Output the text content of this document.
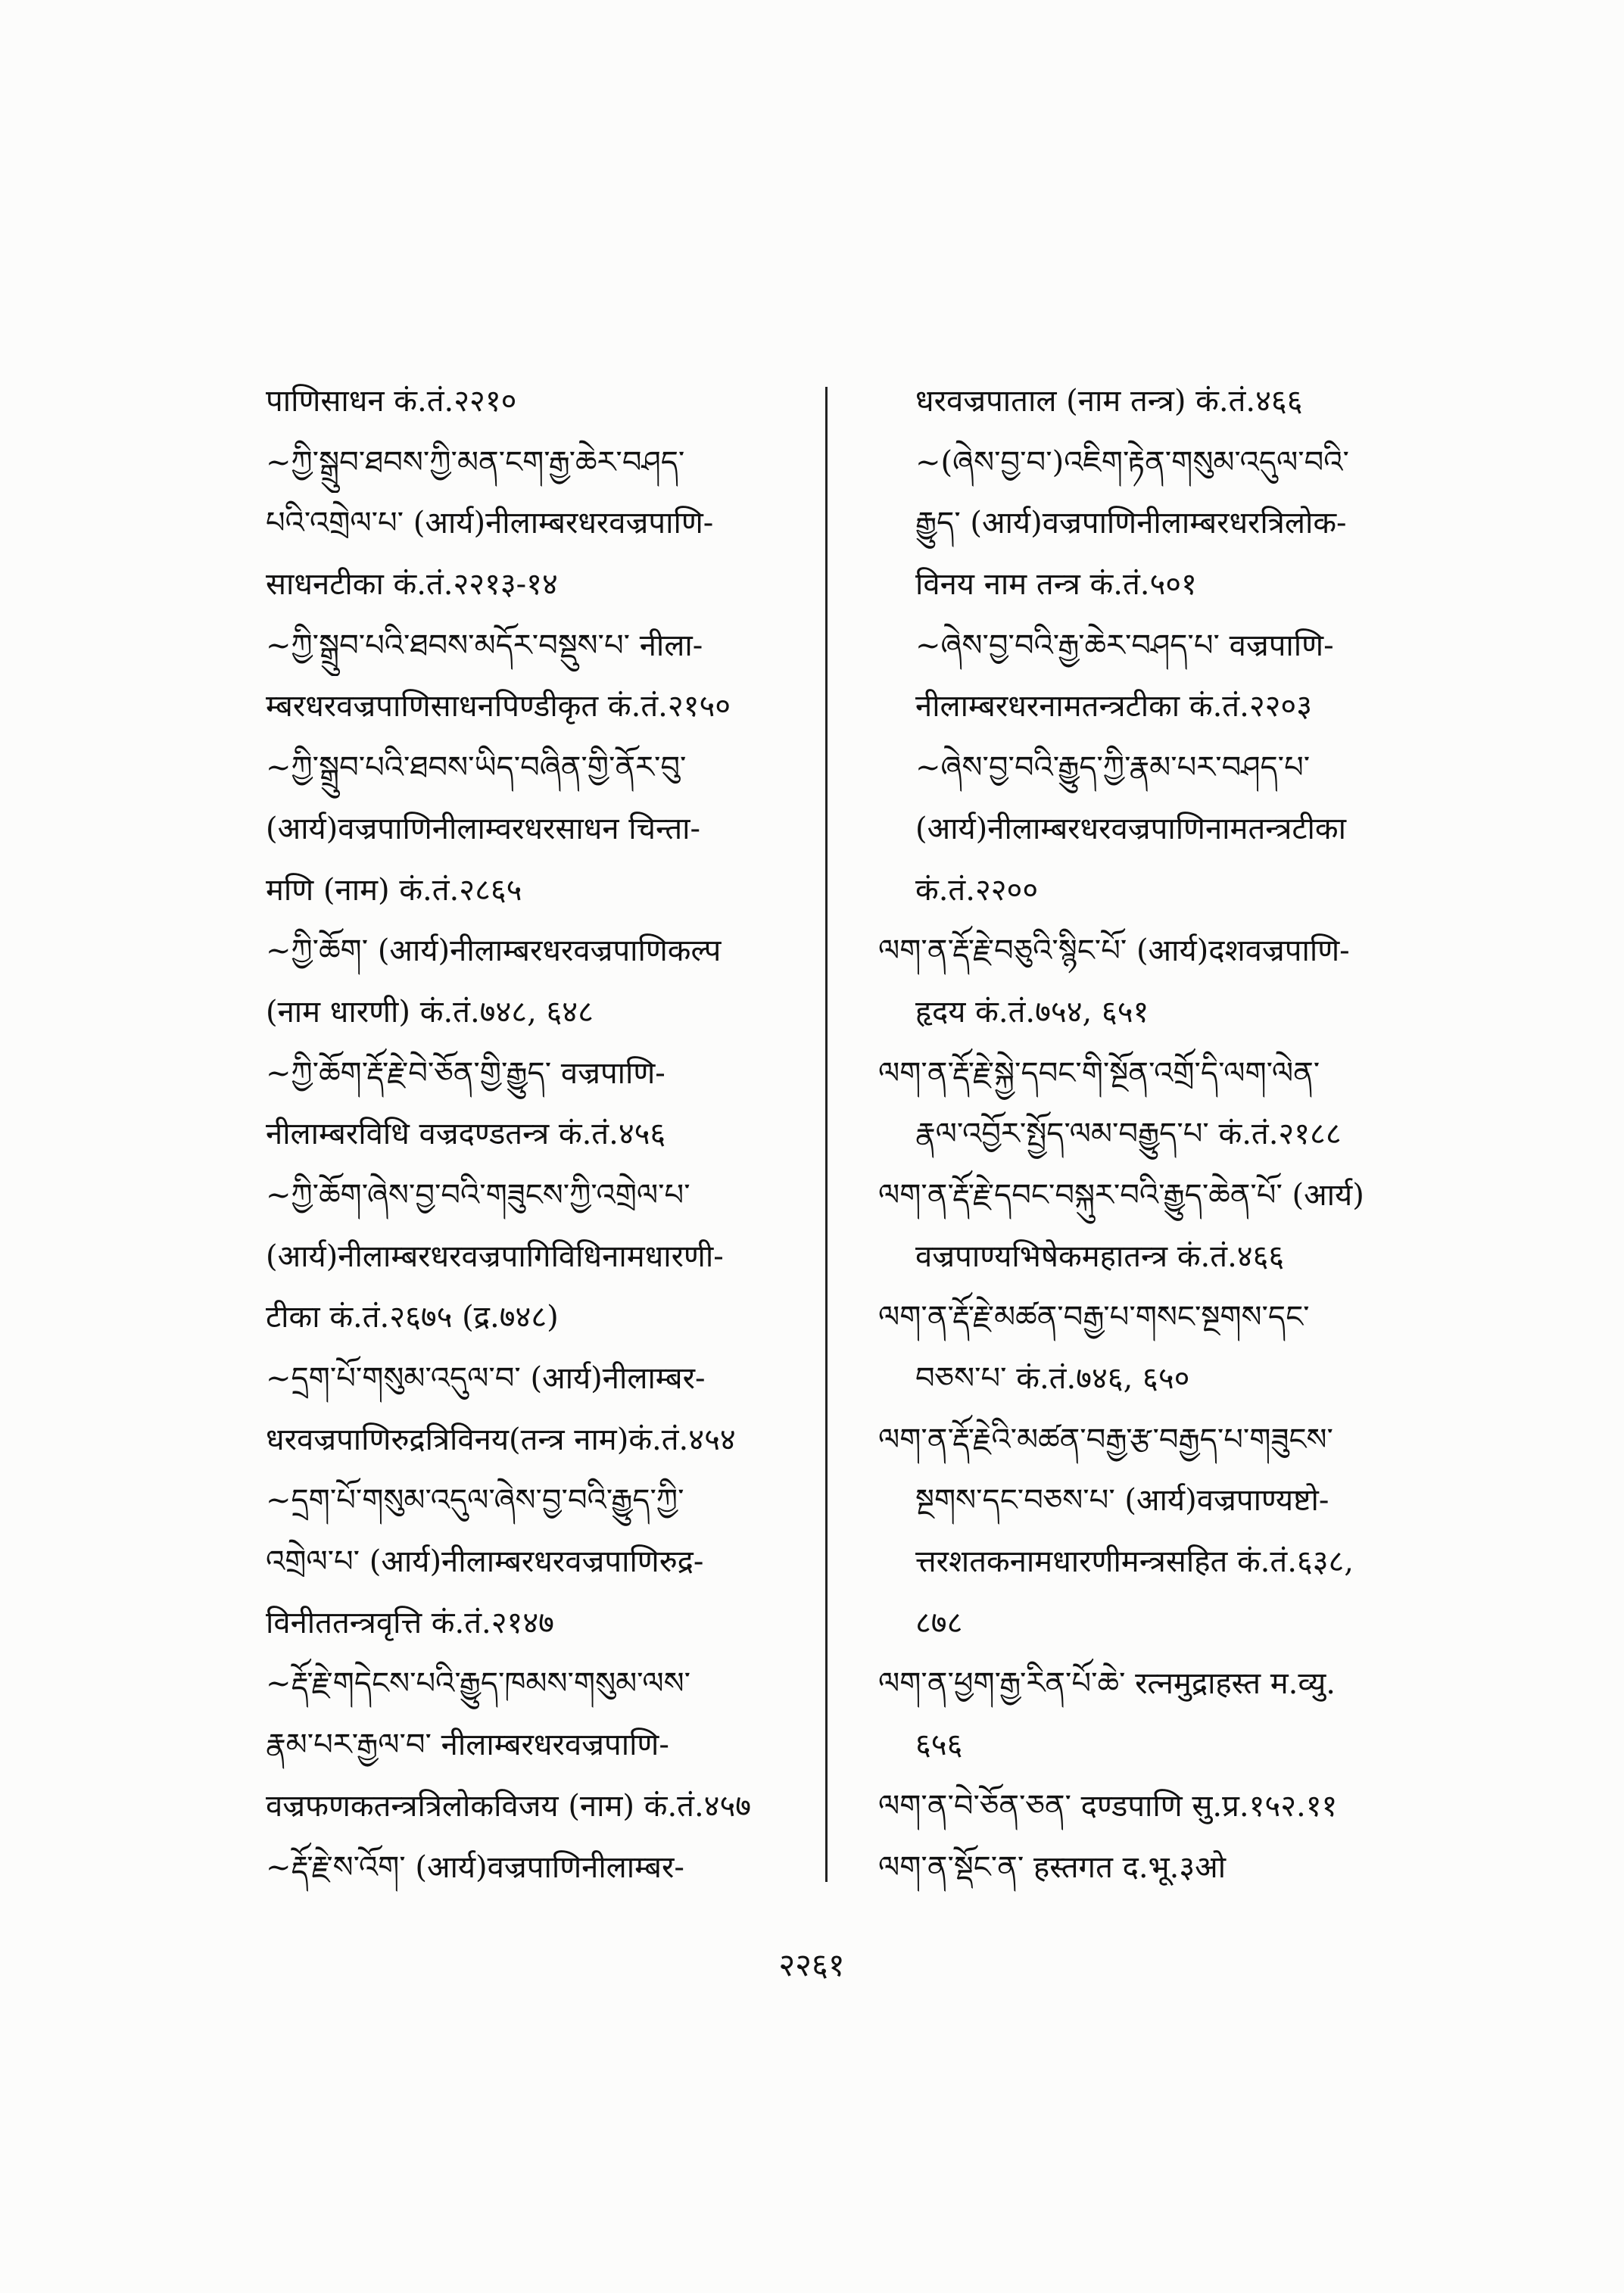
पाणिसाधन कं.तं.२२१०
~ཀྱི་སྒྲུབ་ཐབས་ཀྱི་མན་ངག་རྒྱ་ཆེར་བཤད་
པའི་འགྲེལ་པ་ (आर्य)नीलाम्बरधरवज्रपाणि-
साधनटीका कं.तं.२२१३-१४
~ཀྱི་སྒྲུབ་པའི་ཐབས་མདོར་བསྡུས་པ་ नीला-
म्बरधरवज्रपाणिसाधनपिण्डीकृत कं.तं.२१५०
~ཀྱི་སྒྲུབ་པའི་ཐབས་ཡིད་བཞིན་གྱི་ནོར་བུ་
(आर्य)वज्रपाणिनीलाम्वरधरसाधन चिन्ता-
मणि (नाम) कं.तं.२८६५
~ཀྱི་ཆོག་ (आर्य)नीलाम्बरधरवज्रपाणिकल्प
(नाम धारणी) कं.तं.७४८, ६४८
~ཀྱི་ཆོག་རྡོ་རྗེ་བེ་ཅོན་གྱི་རྒྱུད་ वज्रपाणि-
नीलाम्बरविधि वज्रदण्डतन्त्र कं.तं.४५६
~ཀྱི་ཆོག་ཞེས་བྱ་བའི་གཟུངས་ཀྱི་འགྲེལ་པ་
(आर्य)नीलाम्बरधरवज्रपागिविधिनामधारणी-
टीका कं.तं.२६७५ (द्र.७४८)
~དྲག་པོ་གསུམ་འདུལ་བ་ (आर्य)नीलाम्बर-
धरवज्रपाणिरुद्रत्रिविनय(तन्त्र नाम)कं.तं.४५४
~དྲག་པོ་གསུམ་འདུལ་ཞེས་བྱ་བའི་རྒྱུད་ཀྱི་
འགྲེལ་པ་ (आर्य)नीलाम्बरधरवज्रपाणिरुद्र-
विनीततन्त्रवृत्ति कं.तं.२१४७
~རྡོ་རྗེ་གདེངས་པའི་རྒྱུད་ཁམས་གསུམ་ལས་
རྣམ་པར་རྒྱལ་བ་ नीलाम्बरधरवज्रपाणि-
वज्रफणकतन्त्रत्रिलोकविजय (नाम) कं.तं.४५७
~རྡོ་རྗེ་ས་འོག་ (आर्य)वज्रपाणिनीलाम्बर-
धरवज्रपाताल (नाम तन्त्र) कं.तं.४६६
~(ཞེས་བྱ་བ་)འཇིག་རྟེན་གསུམ་འདུལ་བའི་
རྒྱུད་ (आर्य)वज्रपाणिनीलाम्बरधरत्रिलोक-
विनय नाम तन्त्र कं.तं.५०१
~ཞེས་བྱ་བའི་རྒྱ་ཆེར་བཤད་པ་ वज्रपाणि-
नीलाम्बरधरनामतन्त्रटीका कं.तं.२२०३
~ཞེས་བྱ་བའི་རྒྱུད་ཀྱི་རྣམ་པར་བཤད་པ་
(आर्य)नीलाम्बरधरवज्रपाणिनामतन्त्रटीका
कं.तं.२२००
ལག་ན་རྡོ་རྗེ་བཅུའི་སྙིང་པོ་ (आर्य)दशवज्रपाणि-
हृदय कं.तं.७५४, ६५१
ལག་ན་རྡོ་རྗེ་སྐྱེ་དབང་གི་སྔོན་འགྲོ་དི་ལག་ལེན་
རྣལ་འབྱོར་སྤྱོད་ལམ་བརྒྱུད་པ་ कं.तं.२१८८
ལག་ན་རྡོ་རྗེ་དབང་བསྐུར་བའི་རྒྱུད་ཆེན་པོ་ (आर्य)
वज्रपाण्यभिषेकमहातन्त्र कं.तं.४६६
ལག་ན་རྡོ་རྗེ་མཚན་བརྒྱ་པ་གསང་སྔགས་དང་
བཅས་པ་ कं.तं.७४६, ६५०
ལག་ན་རྡོ་རྗེའི་མཚན་བརྒྱ་རྩ་བརྒྱད་པ་གཟུངས་
སྔགས་དང་བཅས་པ་ (आर्य)वज्रपाण्यष्टो-
त्तरशतकनामधारणीमन्त्रसहित कं.तं.६३८,
८७८
ལག་ན་ཕྱག་རྒྱ་རིན་པོ་ཆེ་ रत्नमुद्राहस्त म.व्यु.
६५६
ལག་ན་བེ་ཅོན་ཅན་ दण्डपाणि सु.प्र.१५२.११
ལག་ན་སྡོང་ན་ हस्तगत द.भू.३ओ
२२६१
